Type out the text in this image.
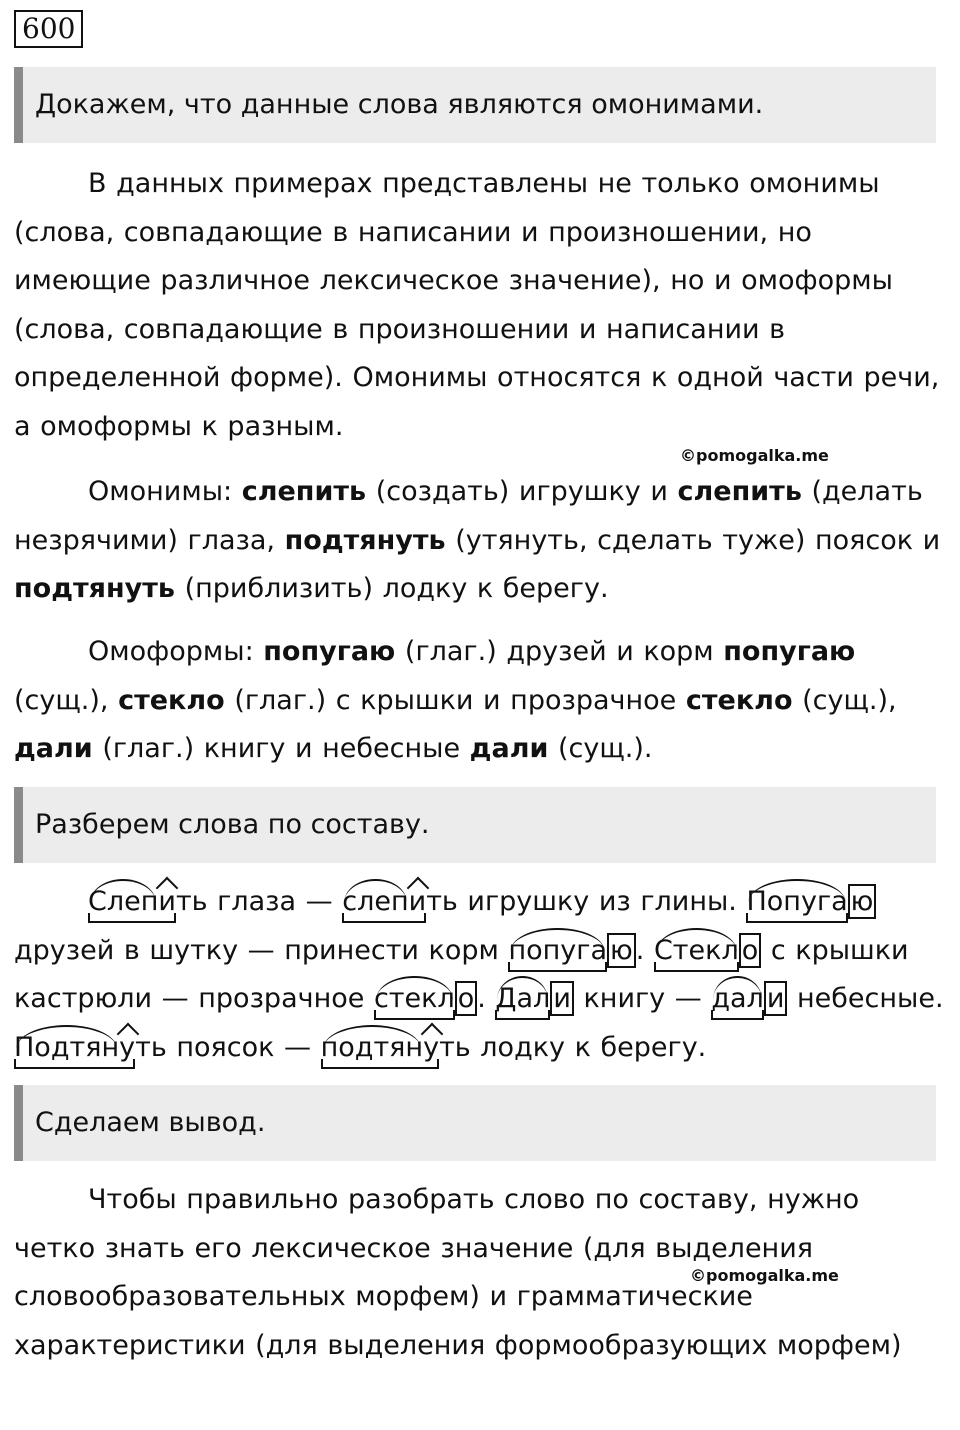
600
Докажем, что данные слова являются омонимами.

В данных примерах представлены не только омонимы (слова, совпадающие в написании и произношении, но имеющие различное лексическое значение), но и омоформы (слова, совпадающие в произношении и написании в определенной форме). Омонимы относятся к одной части речи, а омоформы к разным.

©pomogalka.me

Омонимы: слепить (создать) игрушку и слепить (делать незрячими) глаза, подтянуть (утянуть, сделать туже) поясок и подтянуть (приблизить) лодку к берегу.

Омоформы: попугаю (глаг.) друзей и корм попугаю (сущ.), стекло (глаг.) с крышки и прозрачное стекло (сущ.), дали (глаг.) книгу и небесные дали (сущ.).

Разберем слова по составу.

Слепить глаза — слепить игрушку из глины. Попуга ю друзей в шутку — принести корм попуга ю . Стекл о с крышки кастрюли — прозрачное стекл о . Дал и книгу — дал и небесные. Подтянуть поясок — подтянуть лодку к берегу.

Сделаем вывод.

Чтобы правильно разобрать слово по составу, нужно четко знать его лексическое значение (для выделения словообразовательных морфем) и грамматические характеристики (для выделения формообразующих морфем)

©pomogalka.me
